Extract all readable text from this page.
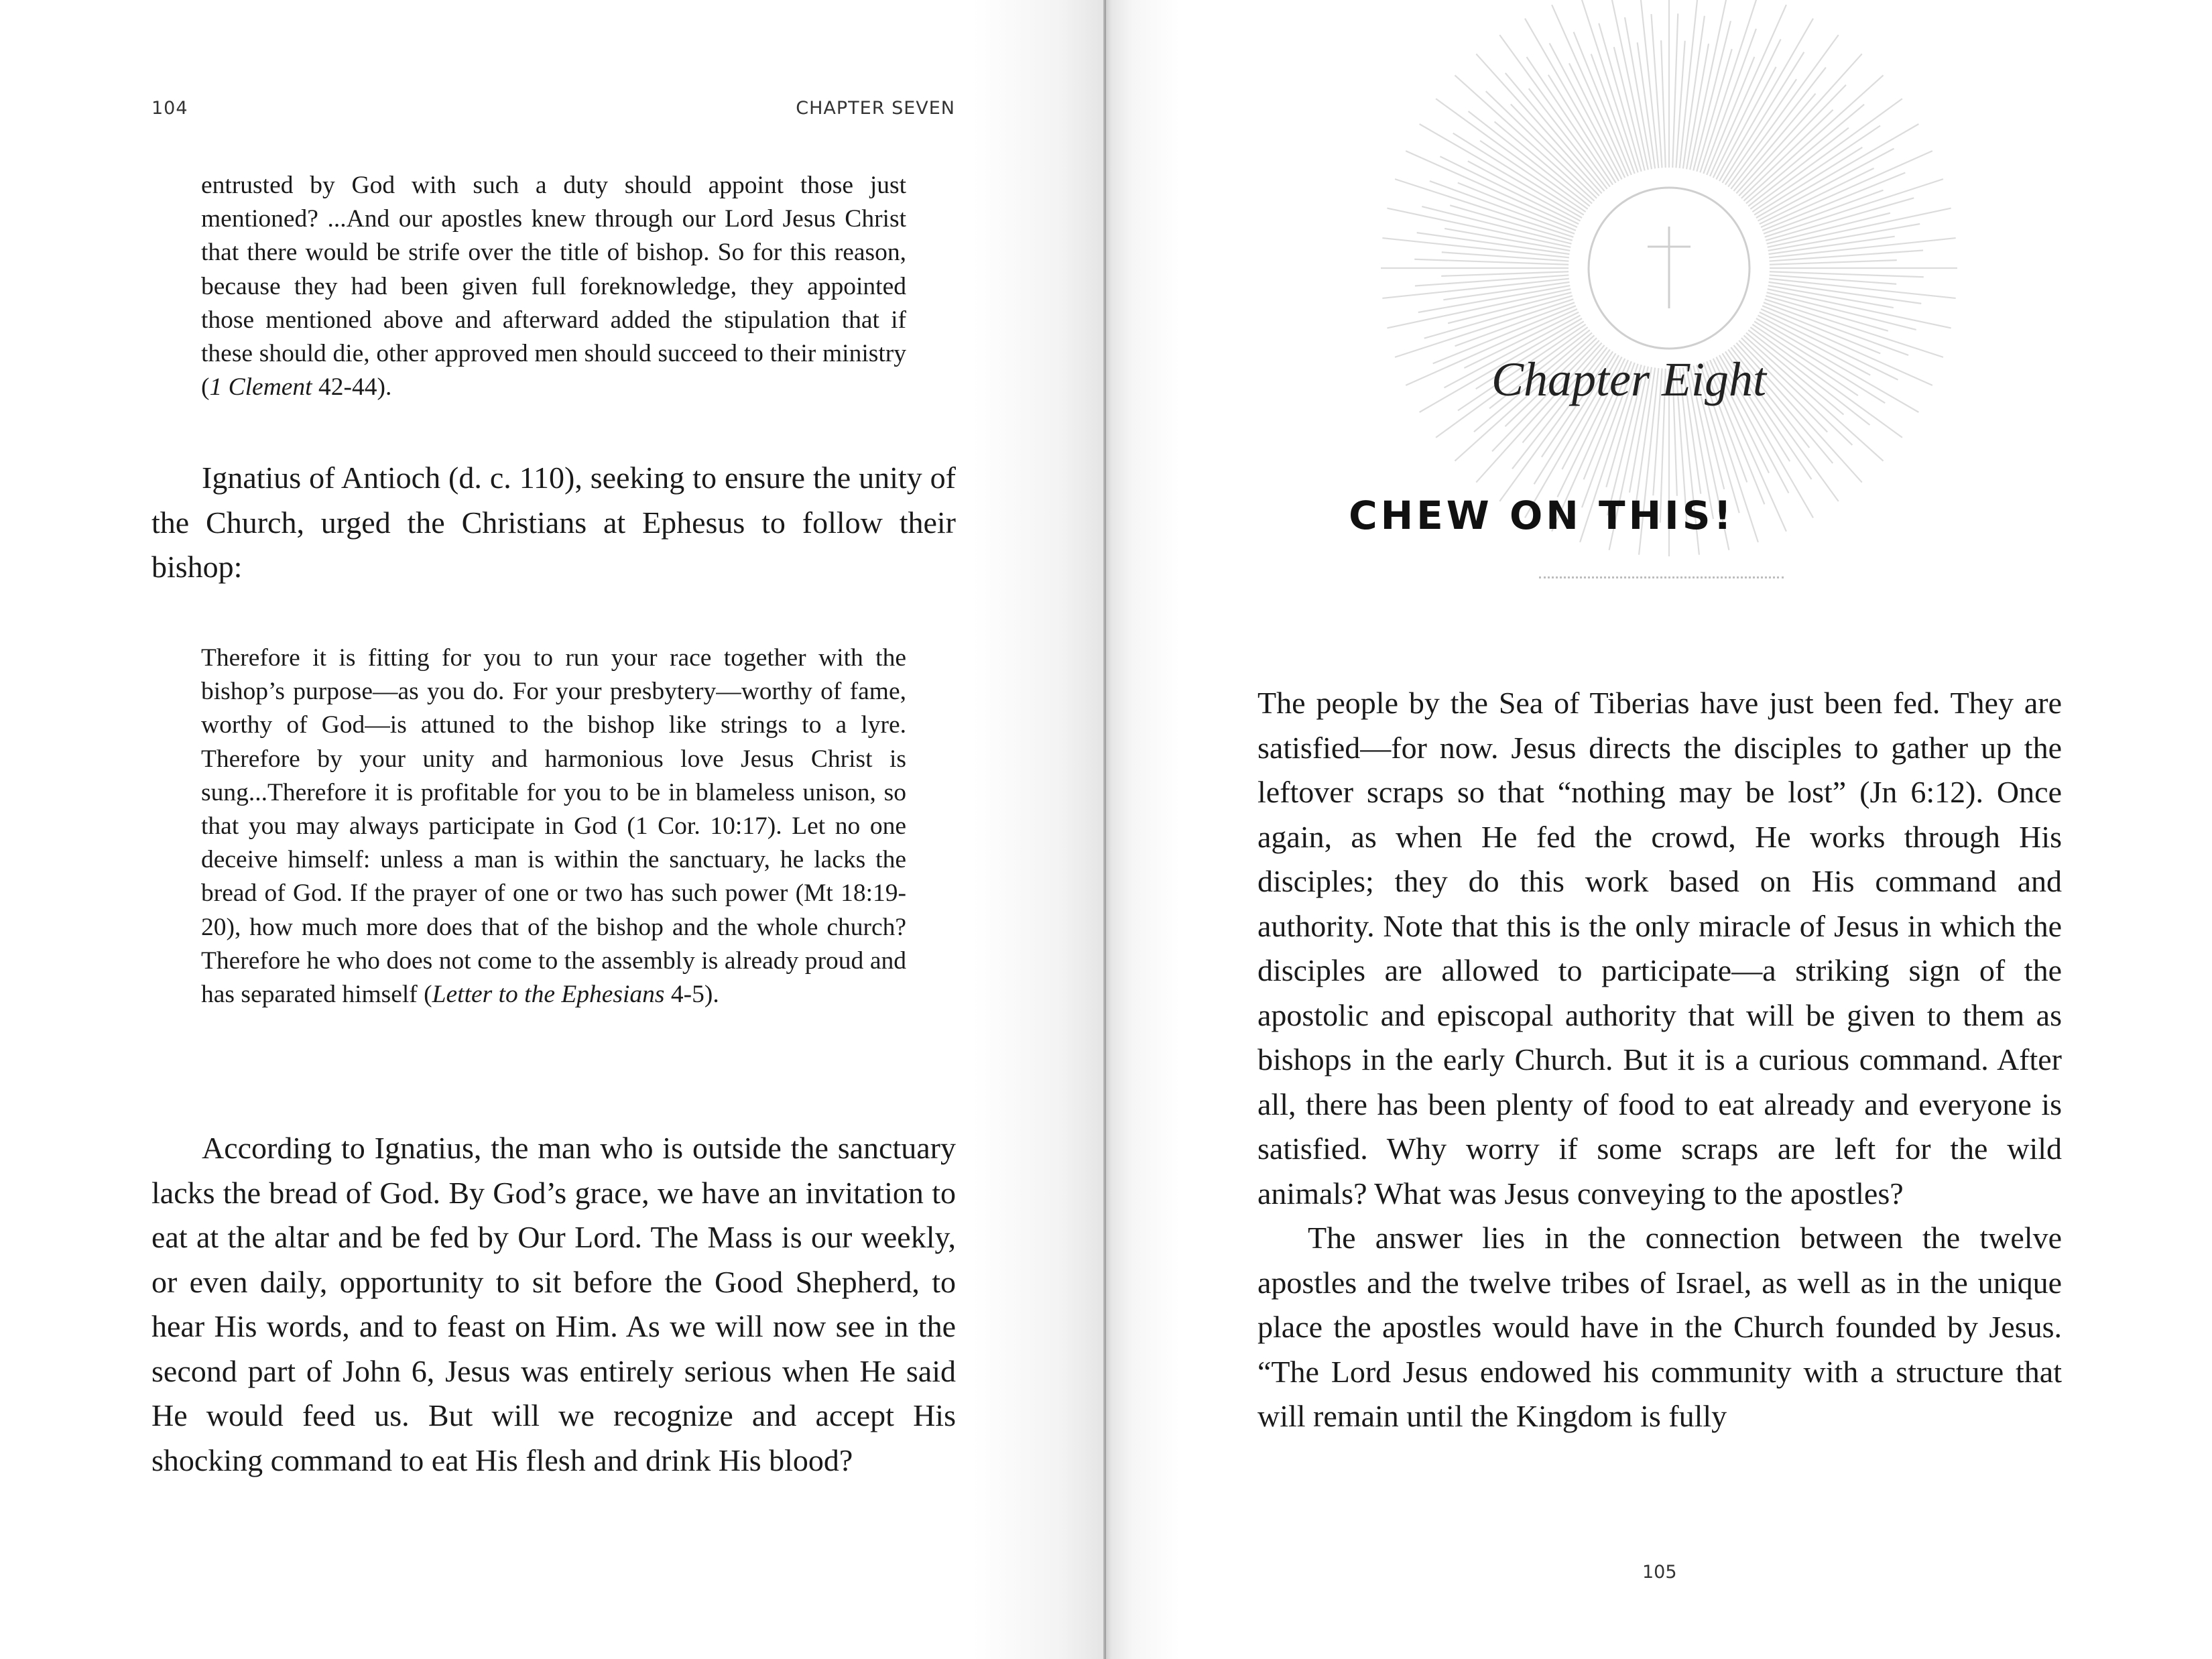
104	CHAPTER SEVEN
entrusted by God with such a duty should appoint those just mentioned? ...And our apostles knew through our Lord Jesus Christ that there would be strife over the title of bishop. So for this reason, because they had been given full foreknowledge, they appointed those mentioned above and afterward added the stipulation that if these should die, other approved men should succeed to their ministry (1 Clement 42-44).

Ignatius of Antioch (d. c. 110), seeking to ensure the unity of the Church, urged the Christians at Ephesus to follow their bishop:

Therefore it is fitting for you to run your race together with the bishop’s purpose—as you do. For your presbytery—worthy of fame, worthy of God—is attuned to the bishop like strings to a lyre. Therefore by your unity and harmonious love Jesus Christ is sung...Therefore it is profitable for you to be in blameless unison, so that you may always participate in God (1 Cor. 10:17). Let no one deceive himself: unless a man is within the sanctuary, he lacks the bread of God. If the prayer of one or two has such power (Mt 18:19-20), how much more does that of the bishop and the whole church? Therefore he who does not come to the assembly is already proud and has separated himself (Letter to the Ephesians 4-5).

According to Ignatius, the man who is outside the sanctuary lacks the bread of God. By God’s grace, we have an invitation to eat at the altar and be fed by Our Lord. The Mass is our weekly, or even daily, opportunity to sit before the Good Shepherd, to hear His words, and to feast on Him. As we will now see in the second part of John 6, Jesus was entirely serious when He said He would feed us. But will we recognize and accept His shocking command to eat His flesh and drink His blood?

Chapter Eight
CHEW ON THIS!

The people by the Sea of Tiberias have just been fed. They are satisfied—for now. Jesus directs the disciples to gather up the leftover scraps so that “nothing may be lost” (Jn 6:12). Once again, as when He fed the crowd, He works through His disciples; they do this work based on His command and authority. Note that this is the only miracle of Jesus in which the disciples are allowed to participate—a striking sign of the apostolic and episcopal authority that will be given to them as bishops in the early Church. But it is a curious command. After all, there has been plenty of food to eat already and everyone is satisfied. Why worry if some scraps are left for the wild animals? What was Jesus conveying to the apostles?

The answer lies in the connection between the twelve apostles and the twelve tribes of Israel, as well as in the unique place the apostles would have in the Church founded by Jesus. “The Lord Jesus endowed his community with a structure that will remain until the Kingdom is fully

105
